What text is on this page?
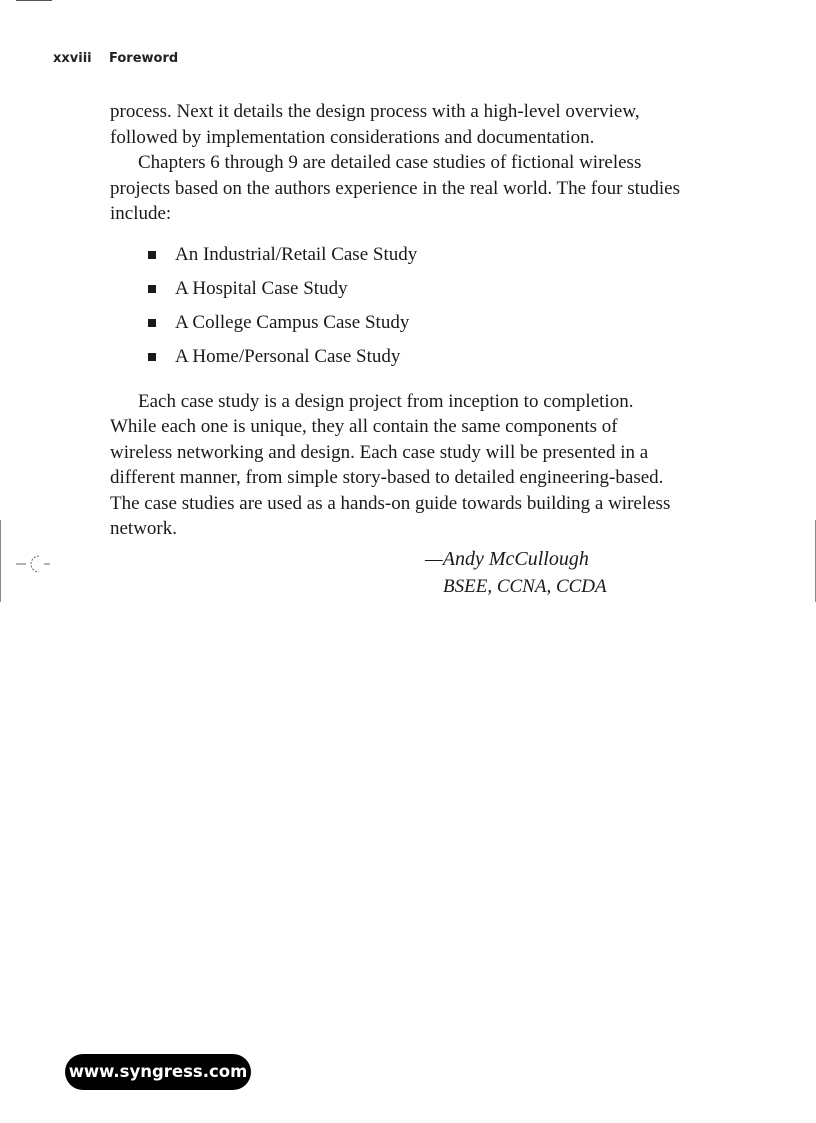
xxviii Foreword

process. Next it details the design process with a high-level overview, followed by implementation considerations and documentation.

Chapters 6 through 9 are detailed case studies of fictional wireless projects based on the authors experience in the real world. The four studies include:

An Industrial/Retail Case Study
A Hospital Case Study
A College Campus Case Study
A Home/Personal Case Study

Each case study is a design project from inception to completion. While each one is unique, they all contain the same components of wireless networking and design. Each case study will be presented in a different manner, from simple story-based to detailed engineering-based. The case studies are used as a hands-on guide towards building a wireless network.

—Andy McCullough
BSEE, CCNA, CCDA
www.syngress.com
